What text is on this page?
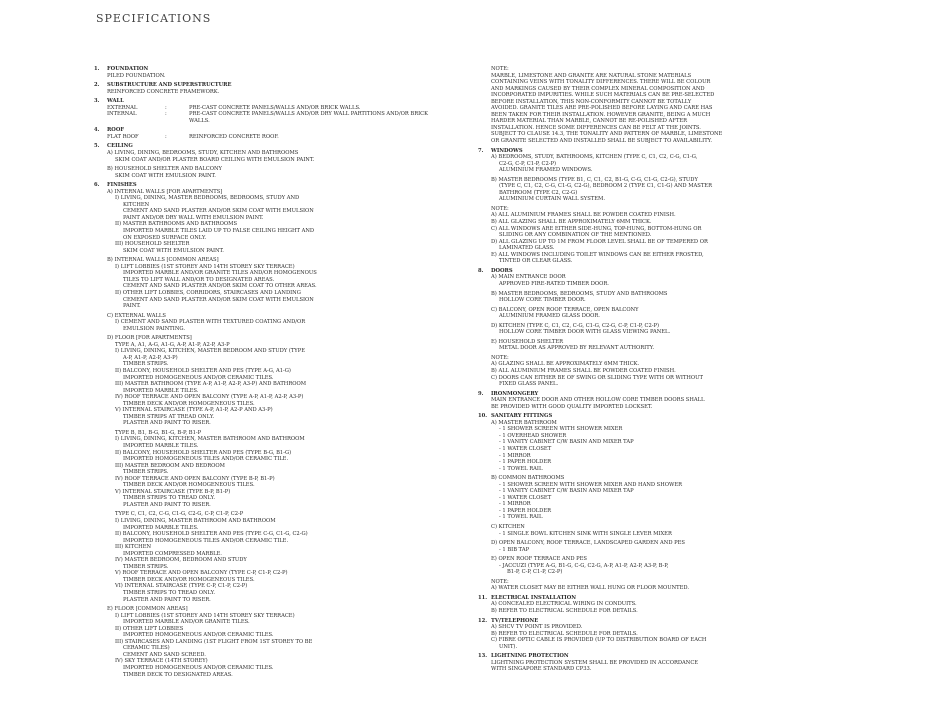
SPECIFICATIONS
1.	FOUNDATION
PILED FOUNDATION.
2.	SUBSTRUCTURE AND SUPERSTRUCTURE
REINFORCED CONCRETE FRAMEWORK.
3.	WALL
EXTERNAL	:	PRE-CAST CONCRETE PANELS/WALLS AND/OR BRICK WALLS.
INTERNAL	:	PRE-CAST CONCRETE PANELS/WALLS AND/OR DRY WALL PARTITIONS AND/OR BRICK WALLS.
4.	ROOF
FLAT ROOF	:	REINFORCED CONCRETE ROOF.
5.	CEILING
A) LIVING, DINING, BEDROOMS, STUDY, KITCHEN AND BATHROOMS
SKIM COAT AND/OR PLASTER BOARD CEILING WITH EMULSION PAINT.
B) HOUSEHOLD SHELTER AND BALCONY
SKIM COAT WITH EMULSION PAINT.
6.	FINISHES
A) INTERNAL WALLS [FOR APARTMENTS]
I) LIVING, DINING, MASTER BEDROOMS, BEDROOMS, STUDY AND
KITCHEN
CEMENT AND SAND PLASTER AND/OR SKIM COAT WITH EMULSION
PAINT AND/OR DRY WALL WITH EMULSION PAINT.
II) MASTER BATHROOMS AND BATHROOMS
IMPORTED MARBLE TILES LAID UP TO FALSE CEILING HEIGHT AND
ON EXPOSED SURFACE ONLY.
III) HOUSEHOLD SHELTER
SKIM COAT WITH EMULSION PAINT.
B) INTERNAL WALLS [COMMON AREAS]
I) LIFT LOBBIES (1ST STOREY AND 14TH STOREY SKY TERRACE)
IMPORTED MARBLE AND/OR GRANITE TILES AND/OR HOMOGENOUS
TILES TO LIFT WALL AND/OR TO DESIGNATED AREAS.
CEMENT AND SAND PLASTER AND/OR SKIM COAT TO OTHER AREAS.
II) OTHER LIFT LOBBIES, CORRIDORS, STAIRCASES AND LANDING
CEMENT AND SAND PLASTER AND/OR SKIM COAT WITH EMULSION
PAINT.
C) EXTERNAL WALLS
I) CEMENT AND SAND PLASTER WITH TEXTURED COATING AND/OR
EMULSION PAINTING.
D) FLOOR [FOR APARTMENTS]
TYPE A, A1, A-G, A1-G, A-P, A1-P, A2-P, A3-P
I) LIVING, DINING, KITCHEN, MASTER BEDROOM AND STUDY (TYPE
A-P, A1-P, A2-P, A3-P)
TIMBER STRIPS.
II) BALCONY, HOUSEHOLD SHELTER AND PES (TYPE A-G, A1-G)
IMPORTED HOMOGENEOUS AND/OR CERAMIC TILES.
III) MASTER BATHROOM (TYPE A-P, A1-P, A2-P, A3-P) AND BATHROOM
IMPORTED MARBLE TILES.
IV) ROOF TERRACE AND OPEN BALCONY (TYPE A-P, A1-P, A2-P, A3-P)
TIMBER DECK AND/OR HOMOGENEOUS TILES.
V) INTERNAL STAIRCASE (TYPE A-P, A1-P, A2-P AND A3-P)
TIMBER STRIPS AT TREAD ONLY.
PLASTER AND PAINT TO RISER.
TYPE B, B1, B-G, B1-G, B-P, B1-P
I) LIVING, DINING, KITCHEN, MASTER BATHROOM AND BATHROOM
IMPORTED MARBLE TILES.
II) BALCONY, HOUSEHOLD SHELTER AND PES (TYPE B-G, B1-G)
IMPORTED HOMOGENEOUS TILES AND/OR CERAMIC TILE.
III) MASTER BEDROOM AND BEDROOM
TIMBER STRIPS.
IV) ROOF TERRACE AND OPEN BALCONY (TYPE B-P, B1-P)
TIMBER DECK AND/OR HOMOGENEOUS TILES.
V) INTERNAL STAIRCASE (TYPE B-P, B1-P)
TIMBER STRIPS TO TREAD ONLY.
PLASTER AND PAINT TO RISER.
TYPE C, C1, C2, C-G, C1-G, C2-G, C-P, C1-P, C2-P
I) LIVING, DINING, MASTER BATHROOM AND BATHROOM
IMPORTED MARBLE TILES.
II) BALCONY, HOUSEHOLD SHELTER AND PES (TYPE C-G, C1-G, C2-G)
IMPORTED HOMOGENEOUS TILES AND/OR CERAMIC TILE.
III) KITCHEN
IMPORTED COMPRESSED MARBLE.
IV) MASTER BEDROOM, BEDROOM AND STUDY
TIMBER STRIPS.
V) ROOF TERRACE AND OPEN BALCONY (TYPE C-P, C1-P, C2-P)
TIMBER DECK AND/OR HOMOGENEOUS TILES.
VI) INTERNAL STAIRCASE (TYPE C-P, C1-P, C2-P)
TIMBER STRIPS TO TREAD ONLY.
PLASTER AND PAINT TO RISER.
E) FLOOR [COMMON AREAS]
I) LIFT LOBBIES (1ST STOREY AND 14TH STOREY SKY TERRACE)
IMPORTED MARBLE AND/OR GRANITE TILES.
II) OTHER LIFT LOBBIES
IMPORTED HOMOGENEOUS AND/OR CERAMIC TILES.
III) STAIRCASES AND LANDING (1ST FLIGHT FROM 1ST STOREY TO BE
CERAMIC TILES)
CEMENT AND SAND SCREED.
IV) SKY TERRACE (14TH STOREY)
IMPORTED HOMOGENEOUS AND/OR CERAMIC TILES.
TIMBER DECK TO DESIGNATED AREAS.
NOTE:
MARBLE, LIMESTONE AND GRANITE ARE NATURAL STONE MATERIALS
CONTAINING VEINS WITH TONALITY DIFFERENCES. THERE WILL BE COLOUR
AND MARKINGS CAUSED BY THEIR COMPLEX MINERAL COMPOSITION AND
INCORPORATED IMPURITIES. WHILE SUCH MATERIALS CAN BE PRE-SELECTED
BEFORE INSTALLATION, THIS NON-CONFORMITY CANNOT BE TOTALLY
AVOIDED. GRANITE TILES ARE PRE-POLISHED BEFORE LAYING AND CARE HAS
BEEN TAKEN FOR THEIR INSTALLATION. HOWEVER GRANITE, BEING A MUCH
HARDER MATERIAL THAN MARBLE, CANNOT BE RE-POLISHED AFTER
INSTALLATION. HENCE SOME DIFFERENCES CAN BE FELT AT THE JOINTS.
SUBJECT TO CLAUSE 14.3, THE TONALITY AND PATTERN OF MARBLE, LIMESTONE
OR GRANITE SELECTED AND INSTALLED SHALL BE SUBJECT TO AVAILABILITY.
7.	WINDOWS
A) BEDROOMS, STUDY, BATHROOMS, KITCHEN (TYPE C, C1, C2, C-G, C1-G,
C2-G, C-P, C1-P, C2-P)
ALUMINIUM FRAMED WINDOWS.
B) MASTER BEDROOMS (TYPE B1, C, C1, C2, B1-G, C-G, C1-G, C2-G), STUDY
(TYPE C, C1, C2, C-G, C1-G, C2-G), BEDROOM 2 (TYPE C1, C1-G) AND MASTER
BATHROOM (TYPE C2, C2-G)
ALUMINIUM CURTAIN WALL SYSTEM.
NOTE:
A) ALL ALUMINIUM FRAMES SHALL BE POWDER COATED FINISH.
B) ALL GLAZING SHALL BE APPROXIMATELY 6MM THICK.
C) ALL WINDOWS ARE EITHER SIDE-HUNG, TOP-HUNG, BOTTOM-HUNG OR
SLIDING OR ANY COMBINATION OF THE MENTIONED.
D) ALL GLAZING UP TO 1M FROM FLOOR LEVEL SHALL BE OF TEMPERED OR
LAMINATED GLASS.
E) ALL WINDOWS INCLUDING TOILET WINDOWS CAN BE EITHER FROSTED,
TINTED OR CLEAR GLASS.
8.	DOORS
A) MAIN ENTRANCE DOOR
APPROVED FIRE-RATED TIMBER DOOR.
B) MASTER BEDROOMS, BEDROOMS, STUDY AND BATHROOMS
HOLLOW CORE TIMBER DOOR.
C) BALCONY, OPEN ROOF TERRACE, OPEN BALCONY
ALUMINIUM FRAMED GLASS DOOR.
D) KITCHEN (TYPE C, C1, C2, C-G, C1-G, C2-G, C-P, C1-P, C2-P)
HOLLOW CORE TIMBER DOOR WITH GLASS VIEWING PANEL.
E) HOUSEHOLD SHELTER
METAL DOOR AS APPROVED BY RELEVANT AUTHORITY.
NOTE:
A) GLAZING SHALL BE APPROXIMATELY 6MM THICK.
B) ALL ALUMINIUM FRAMES SHALL BE POWDER COATED FINISH.
C) DOORS CAN EITHER BE OF SWING OR SLIDING TYPE WITH OR WITHOUT
FIXED GLASS PANEL.
9.	IRONMONGERY
MAIN ENTRANCE DOOR AND OTHER HOLLOW CORE TIMBER DOORS SHALL
BE PROVIDED WITH GOOD QUALITY IMPORTED LOCKSET.
10. SANITARY FITTINGS
A) MASTER BATHROOM
- 1 SHOWER SCREEN WITH SHOWER MIXER
- 1 OVERHEAD SHOWER
- 1 VANITY CABINET C/W BASIN AND MIXER TAP
- 1 WATER CLOSET
- 1 MIRROR
- 1 PAPER HOLDER
- 1 TOWEL RAIL
B) COMMON BATHROOMS
- 1 SHOWER SCREEN WITH SHOWER MIXER AND HAND SHOWER
- 1 VANITY CABINET C/W BASIN AND MIXER TAP
- 1 WATER CLOSET
- 1 MIRROR
- 1 PAPER HOLDER
- 1 TOWEL RAIL
C) KITCHEN
- 1 SINGLE BOWL KITCHEN SINK WITH SINGLE LEVER MIXER
D) OPEN BALCONY, ROOF TERRACE, LANDSCAPED GARDEN AND PES
- 1 BIB TAP
E) OPEN ROOF TERRACE AND PES
- JACCUZI (TYPE A-G, B1-G, C-G, C2-G, A-P, A1-P, A2-P, A3-P, B-P,
B1-P, C-P, C1-P, C2-P)
NOTE:
A) WATER CLOSET MAY BE EITHER WALL HUNG OR FLOOR MOUNTED.
11. ELECTRICAL INSTALLATION
A) CONCEALED ELECTRICAL WIRING IN CONDUITS.
B) REFER TO ELECTRICAL SCHEDULE FOR DETAILS.
12. TV/TELEPHONE
A) SHCV TV POINT IS PROVIDED.
B) REFER TO ELECTRICAL SCHEDULE FOR DETAILS.
C) FIBRE OPTIC CABLE IS PROVIDED (UP TO DISTRIBUTION BOARD OF EACH
UNIT).
13. LIGHTNING PROTECTION
LIGHTNING PROTECTION SYSTEM SHALL BE PROVIDED IN ACCORDANCE
WITH SINGAPORE STANDARD CP33.
